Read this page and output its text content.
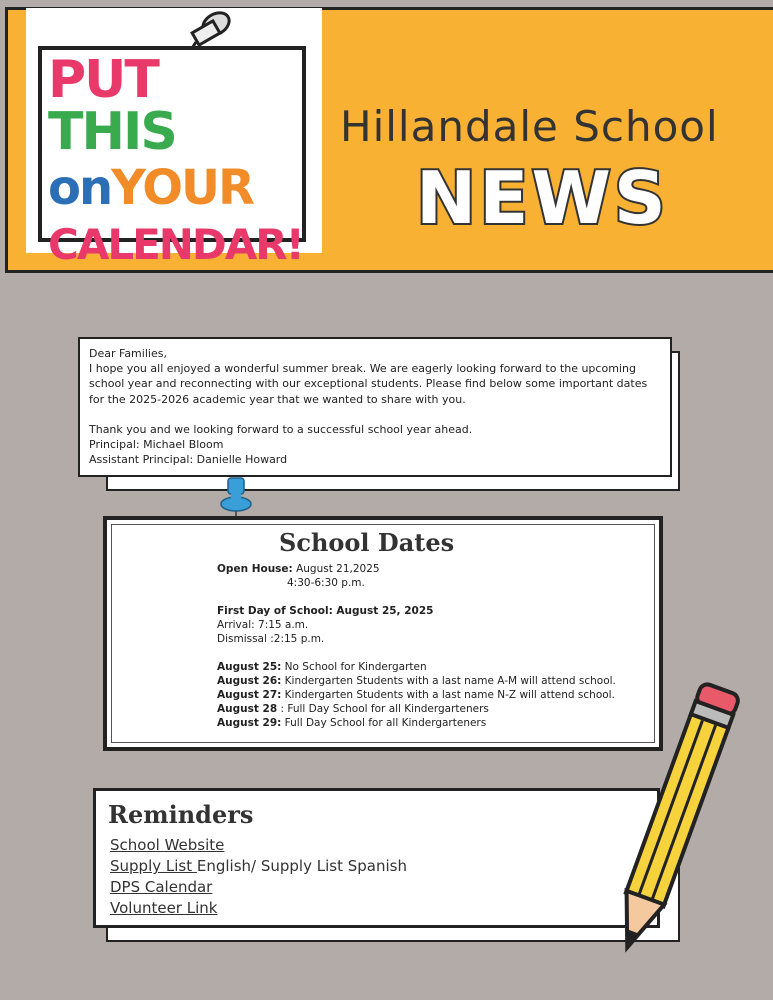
PUT THIS
onYOUR
CALENDAR!
Hillandale School
NEWS

Dear Families,

I hope you all enjoyed a wonderful summer break. We are eagerly looking forward to the upcoming school year and reconnecting with our exceptional students. Please find below some important dates for the 2025-2026 academic year that we wanted to share with you.

Thank you and we looking forward to a successful school year ahead.

Principal: Michael Bloom

Assistant Principal: Danielle Howard

School Dates

Open House: August 21,2025

4:30-6:30 p.m.

First Day of School: August 25, 2025

Arrival: 7:15 a.m.

Dismissal :2:15 p.m.

August 25: No School for Kindergarten

August 26: Kindergarten Students with a last name A-M will attend school.

August 27: Kindergarten Students with a last name N-Z will attend school.

August 28 : Full Day School for all Kindergarteners

August 29: Full Day School for all Kindergarteners

Reminders
School Website
Supply List English/ Supply List Spanish
DPS Calendar
Volunteer Link
